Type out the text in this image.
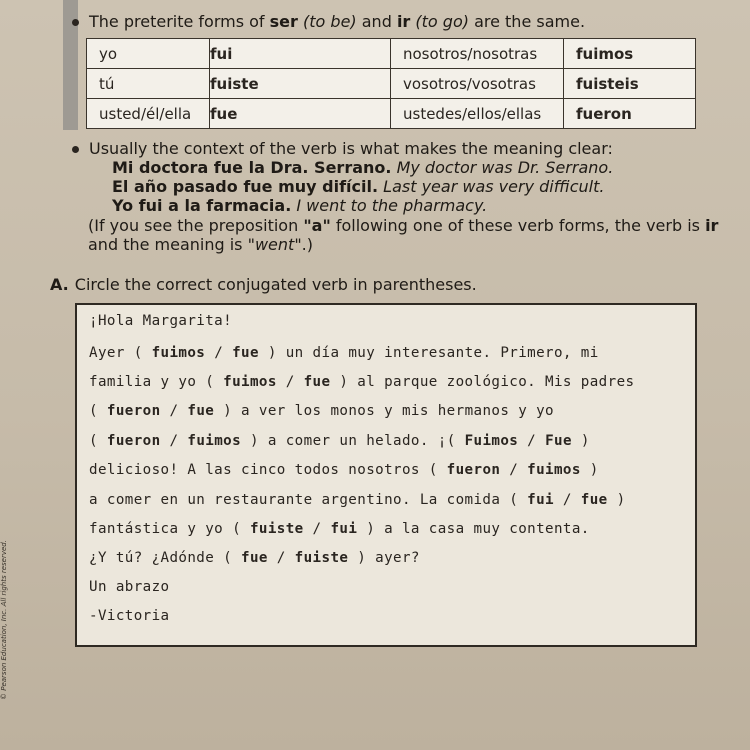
The preterite forms of ser (to be) and ir (to go) are the same.
yo	fui	nosotros/nosotras	fuimos
tú	fuiste	vosotros/vosotras	fuisteis
usted/él/ella	fue	ustedes/ellos/ellas	fueron
Usually the context of the verb is what makes the meaning clear:
Mi doctora fue la Dra. Serrano. My doctor was Dr. Serrano.
El año pasado fue muy difícil. Last year was very difficult.
Yo fui a la farmacia. I went to the pharmacy.
(If you see the preposition "a" following one of these verb forms, the verb is ir
and the meaning is "went".)
A. Circle the correct conjugated verb in parentheses.
¡Hola Margarita!
Ayer ( fuimos / fue ) un día muy interesante. Primero, mi
familia y yo ( fuimos / fue ) al parque zoológico. Mis padres
( fueron / fue ) a ver los monos y mis hermanos y yo
( fueron / fuimos ) a comer un helado. ¡( Fuimos / Fue )
delicioso! A las cinco todos nosotros ( fueron / fuimos )
a comer en un restaurante argentino. La comida ( fui / fue )
fantástica y yo ( fuiste / fui ) a la casa muy contenta.
¿Y tú? ¿Adónde ( fue / fuiste ) ayer?
Un abrazo
-Victoria
© Pearson Education, Inc. All rights reserved.
